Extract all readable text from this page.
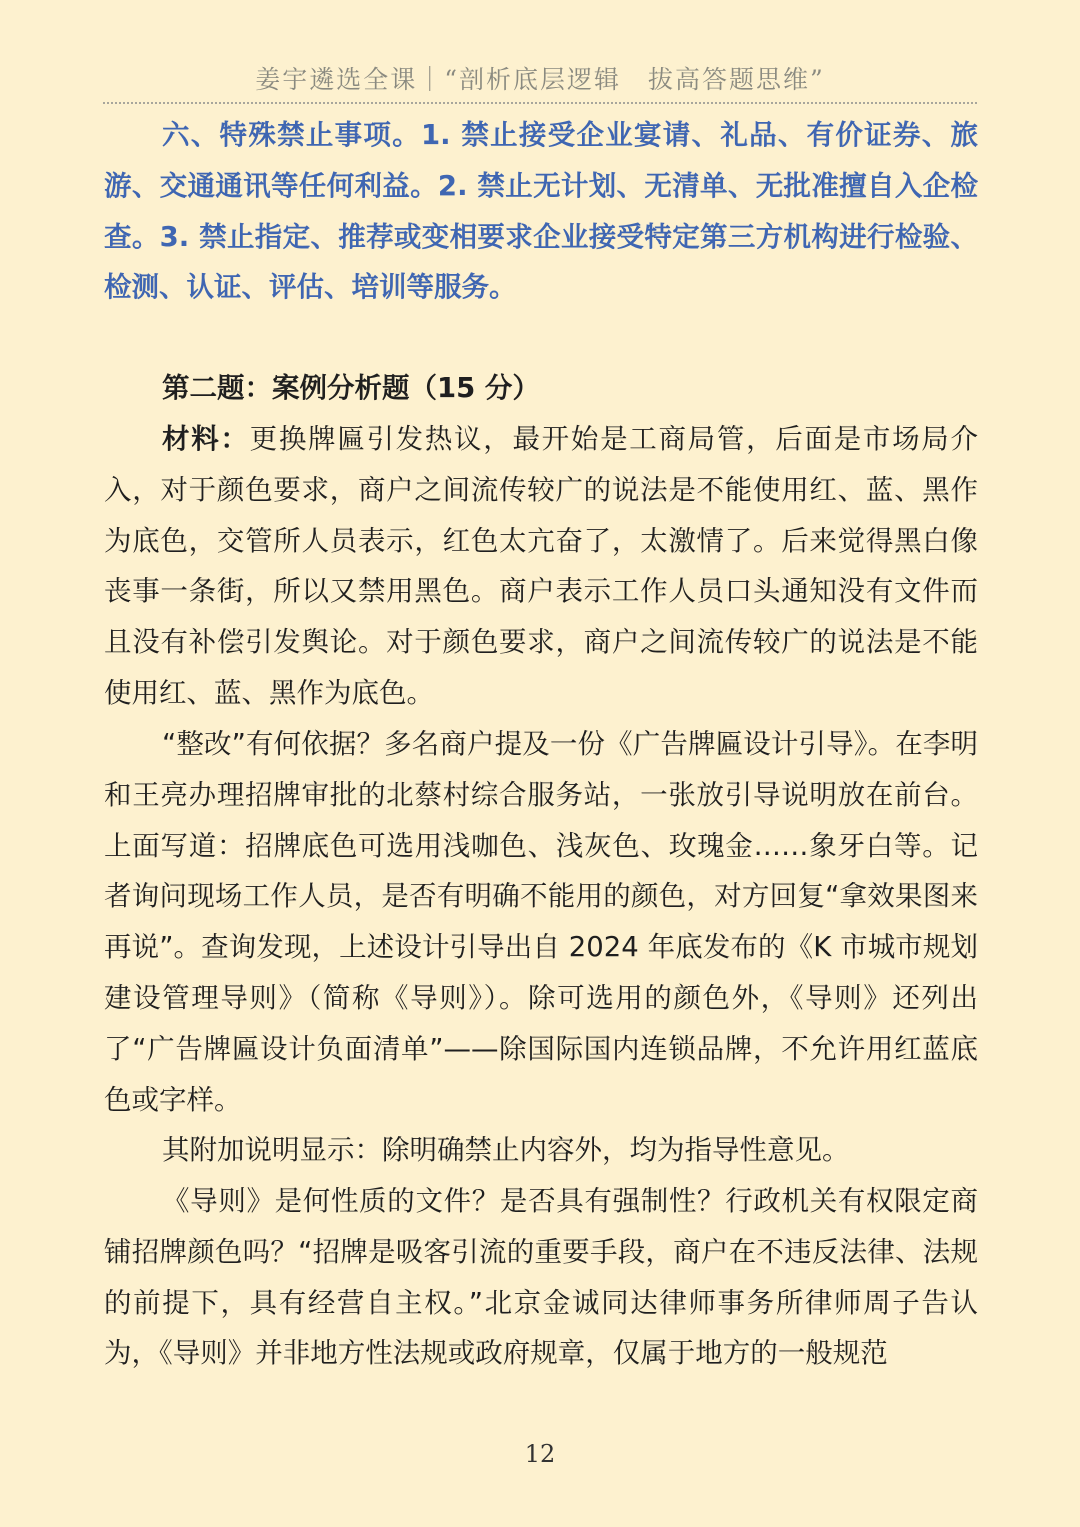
姜宇遴选全课｜“剖析底层逻辑　拔高答题思维”

六、特殊禁止事项。1. 禁止接受企业宴请、礼品、有价证券、旅游、交通通讯等任何利益。2. 禁止无计划、无清单、无批准擅自入企检查。3. 禁止指定、推荐或变相要求企业接受特定第三方机构进行检验、检测、认证、评估、培训等服务。

第二题：案例分析题（15 分）

材料：更换牌匾引发热议，最开始是工商局管，后面是市场局介入，对于颜色要求，商户之间流传较广的说法是不能使用红、蓝、黑作为底色，交管所人员表示，红色太亢奋了，太激情了。后来觉得黑白像丧事一条街，所以又禁用黑色。商户表示工作人员口头通知没有文件而且没有补偿引发舆论。对于颜色要求，商户之间流传较广的说法是不能使用红、蓝、黑作为底色。

“整改”有何依据？多名商户提及一份《广告牌匾设计引导》。在李明和王亮办理招牌审批的北蔡村综合服务站，一张放引导说明放在前台。上面写道：招牌底色可选用浅咖色、浅灰色、玫瑰金……象牙白等。记者询问现场工作人员，是否有明确不能用的颜色，对方回复“拿效果图来再说”。查询发现，上述设计引导出自 2024 年底发布的《K 市城市规划建设管理导则》（简称《导则》）。除可选用的颜色外，《导则》还列出了“广告牌匾设计负面清单”——除国际国内连锁品牌，不允许用红蓝底色或字样。

其附加说明显示：除明确禁止内容外，均为指导性意见。

《导则》是何性质的文件？是否具有强制性？行政机关有权限定商铺招牌颜色吗？“招牌是吸客引流的重要手段，商户在不违反法律、法规的前提下，具有经营自主权。”北京金诚同达律师事务所律师周子告认为，《导则》并非地方性法规或政府规章，仅属于地方的一般规范

12
